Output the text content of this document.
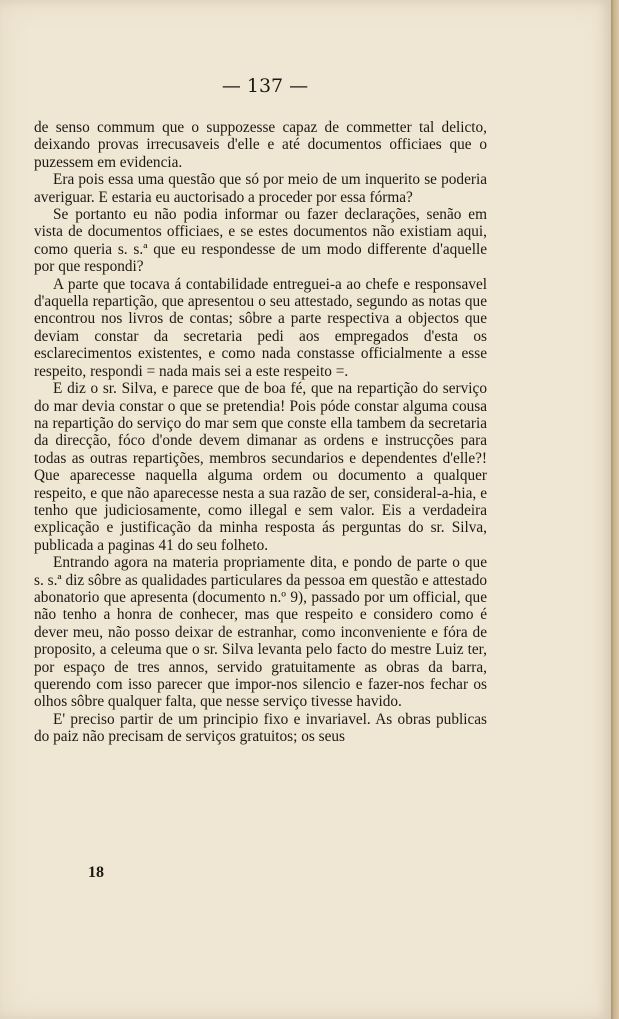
— 137 —

de senso commum que o suppozesse capaz de commetter tal delicto, deixando provas irrecusaveis d'elle e até documentos officiaes que o puzessem em evidencia.

Era pois essa uma questão que só por meio de um inquerito se poderia averiguar. E estaria eu auctorisado a proceder por essa fórma?

Se portanto eu não podia informar ou fazer declarações, senão em vista de documentos officiaes, e se estes documentos não existiam aqui, como queria s. s.ª que eu respondesse de um modo differente d'aquelle por que respondi?

A parte que tocava á contabilidade entreguei-a ao chefe e responsavel d'aquella repartição, que apresentou o seu attestado, segundo as notas que encontrou nos livros de contas; sôbre a parte respectiva a objectos que deviam constar da secretaria pedi aos empregados d'esta os esclarecimentos existentes, e como nada constasse officialmente a esse respeito, respondi = nada mais sei a este respeito =.

E diz o sr. Silva, e parece que de boa fé, que na repartição do serviço do mar devia constar o que se pretendia! Pois póde constar alguma cousa na repartição do serviço do mar sem que conste ella tambem da secretaria da direcção, fóco d'onde devem dimanar as ordens e instrucções para todas as outras repartições, membros secundarios e dependentes d'elle?! Que aparecesse naquella alguma ordem ou documento a qualquer respeito, e que não aparecesse nesta a sua razão de ser, consideral-a-hia, e tenho que judiciosamente, como illegal e sem valor. Eis a verdadeira explicação e justificação da minha resposta ás perguntas do sr. Silva, publicada a paginas 41 do seu folheto.

Entrando agora na materia propriamente dita, e pondo de parte o que s. s.ª diz sôbre as qualidades particulares da pessoa em questão e attestado abonatorio que apresenta (documento n.º 9), passado por um official, que não tenho a honra de conhecer, mas que respeito e considero como é dever meu, não posso deixar de estranhar, como inconveniente e fóra de proposito, a celeuma que o sr. Silva levanta pelo facto do mestre Luiz ter, por espaço de tres annos, servido gratuitamente as obras da barra, querendo com isso parecer que impor-nos silencio e fazer-nos fechar os olhos sôbre qualquer falta, que nesse serviço tivesse havido.

E' preciso partir de um principio fixo e invariavel. As obras publicas do paiz não precisam de serviços gratuitos; os seus

18
